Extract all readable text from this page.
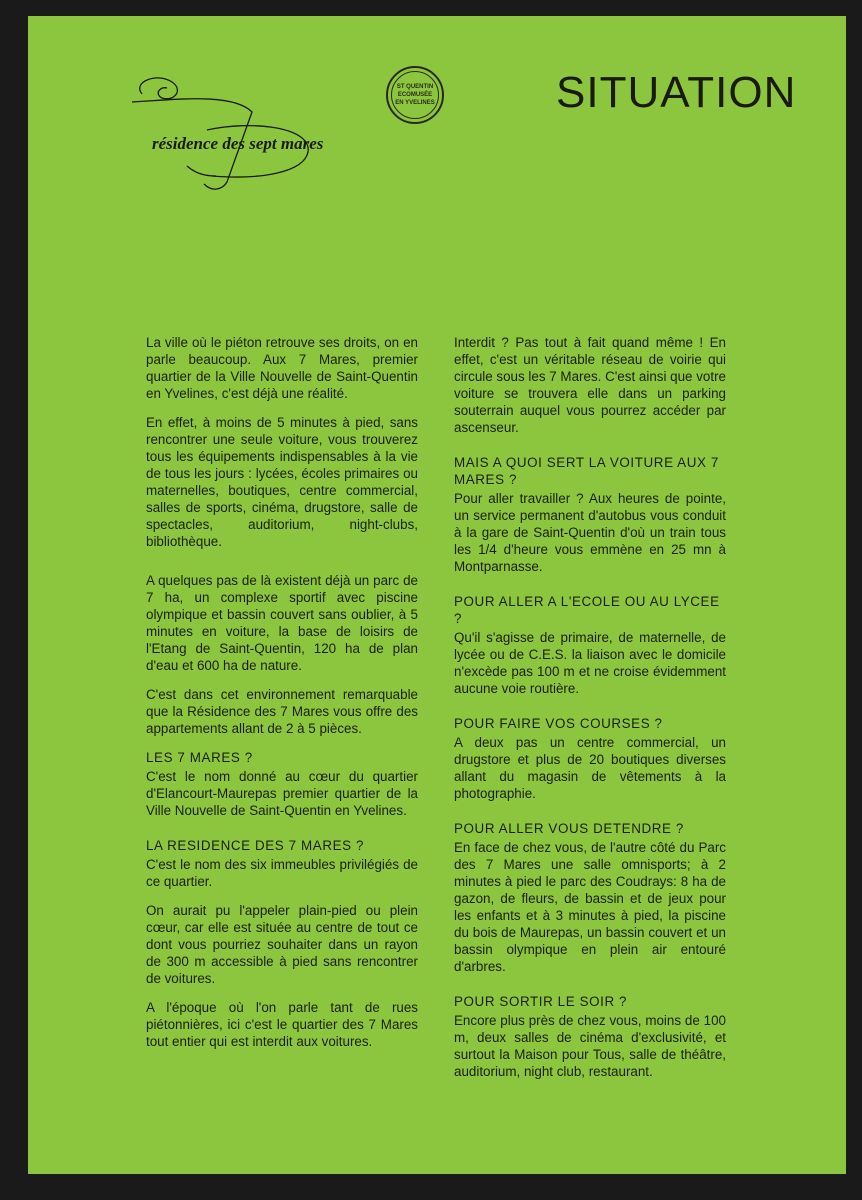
résidence des sept mares
ST QUENTIN
ECOMUSÉE
EN YVELINES	SITUATION

La ville où le piéton retrouve ses droits, on en parle beaucoup. Aux 7 Mares, premier quartier de la Ville Nouvelle de Saint-Quentin en Yvelines, c'est déjà une réalité.

En effet, à moins de 5 minutes à pied, sans rencontrer une seule voiture, vous trouverez tous les équipements indispensables à la vie de tous les jours : lycées, écoles primaires ou maternelles, boutiques, centre commercial, salles de sports, cinéma, drugstore, salle de spectacles, auditorium, night-clubs, bibliothèque.

A quelques pas de là existent déjà un parc de 7 ha, un complexe sportif avec piscine olympique et bassin couvert sans oublier, à 5 minutes en voiture, la base de loisirs de l'Etang de Saint-Quentin, 120 ha de plan d'eau et 600 ha de nature.

C'est dans cet environnement remarquable que la Résidence des 7 Mares vous offre des appartements allant de 2 à 5 pièces.

LES 7 MARES ?

C'est le nom donné au cœur du quartier d'Elancourt-Maurepas premier quartier de la Ville Nouvelle de Saint-Quentin en Yvelines.

LA RESIDENCE DES 7 MARES ?

C'est le nom des six immeubles privilégiés de ce quartier.

On aurait pu l'appeler plain-pied ou plein cœur, car elle est située au centre de tout ce dont vous pourriez souhaiter dans un rayon de 300 m accessible à pied sans rencontrer de voitures.

A l'époque où l'on parle tant de rues piétonnières, ici c'est le quartier des 7 Mares tout entier qui est interdit aux voitures.

Interdit ? Pas tout à fait quand même ! En effet, c'est un véritable réseau de voirie qui circule sous les 7 Mares. C'est ainsi que votre voiture se trouvera elle dans un parking souterrain auquel vous pourrez accéder par ascenseur.

MAIS A QUOI SERT LA VOITURE AUX 7 MARES ?

Pour aller travailler ? Aux heures de pointe, un service permanent d'autobus vous conduit à la gare de Saint-Quentin d'où un train tous les 1/4 d'heure vous emmène en 25 mn à Montparnasse.

POUR ALLER A L'ECOLE OU AU LYCEE ?

Qu'il s'agisse de primaire, de maternelle, de lycée ou de C.E.S. la liaison avec le domicile n'excède pas 100 m et ne croise évidemment aucune voie routière.

POUR FAIRE VOS COURSES ?

A deux pas un centre commercial, un drugstore et plus de 20 boutiques diverses allant du magasin de vêtements à la photographie.

POUR ALLER VOUS DETENDRE ?

En face de chez vous, de l'autre côté du Parc des 7 Mares une salle omnisports; à 2 minutes à pied le parc des Coudrays: 8 ha de gazon, de fleurs, de bassin et de jeux pour les enfants et à 3 minutes à pied, la piscine du bois de Maurepas, un bassin couvert et un bassin olympique en plein air entouré d'arbres.

POUR SORTIR LE SOIR ?

Encore plus près de chez vous, moins de 100 m, deux salles de cinéma d'exclusivité, et surtout la Maison pour Tous, salle de théâtre, auditorium, night club, restaurant.
